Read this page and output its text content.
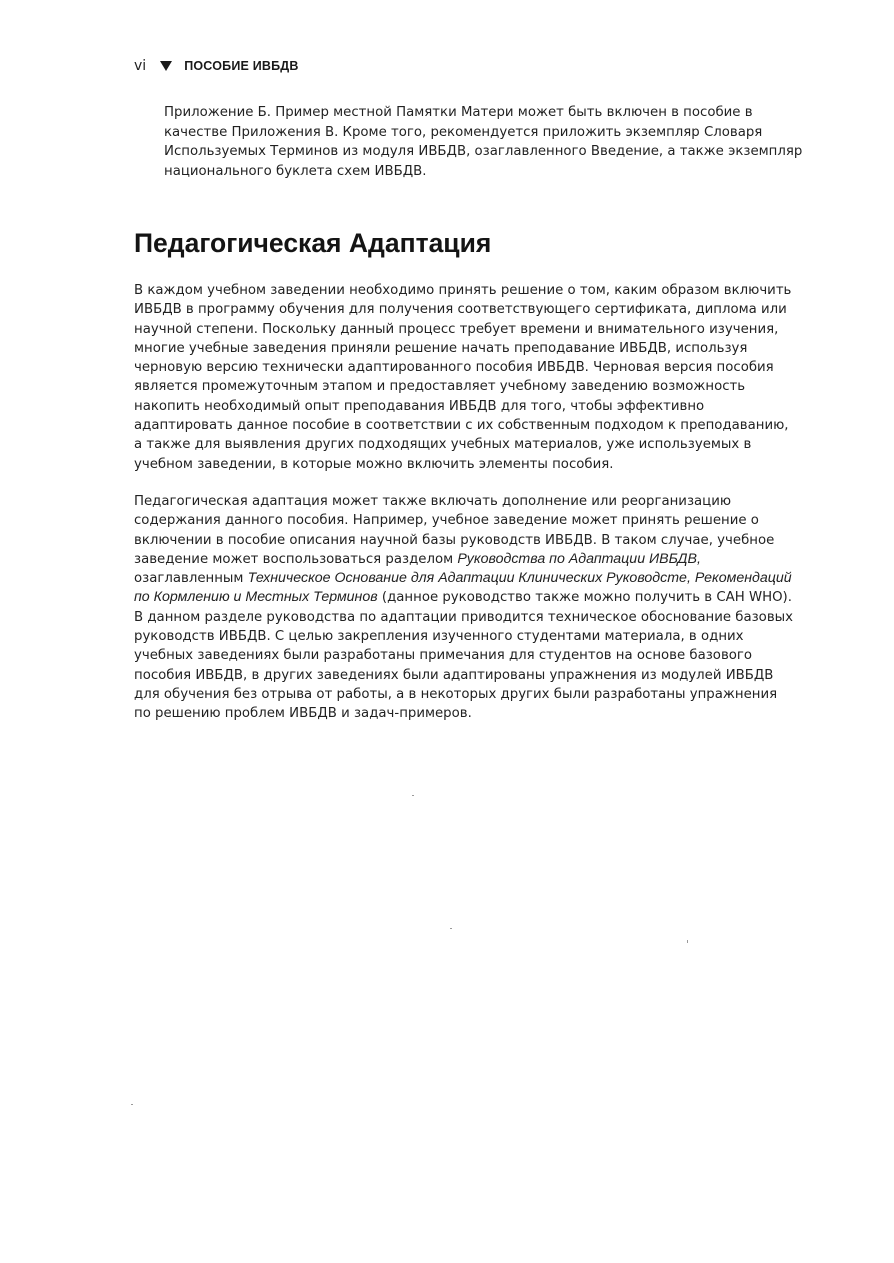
vi	ПОСОБИЕ ИВБДВ

Приложение Б. Пример местной Памятки Матери может быть включен в пособие в качестве Приложения В. Кроме того, рекомендуется приложить экземпляр Словаря Используемых Терминов из модуля ИВБДВ, озаглавленного Введение, а также экземпляр национального буклета схем ИВБДВ.

Педагогическая Адаптация

В каждом учебном заведении необходимо принять решение о том, каким образом включить ИВБДВ в программу обучения для получения соответствующего сертификата, диплома или научной степени. Поскольку данный процесс требует времени и внимательного изучения, многие учебные заведения приняли решение начать преподавание ИВБДВ, используя черновую версию технически адаптированного пособия ИВБДВ. Черновая версия пособия является промежуточным этапом и предоставляет учебному заведению возможность накопить необходимый опыт преподавания ИВБДВ для того, чтобы эффективно адаптировать данное пособие в соответствии с их собственным подходом к преподаванию, а также для выявления других подходящих учебных материалов, уже используемых в учебном заведении, в которые можно включить элементы пособия.

Педагогическая адаптация может также включать дополнение или реорганизацию содержания данного пособия. Например, учебное заведение может принять решение о включении в пособие описания научной базы руководств ИВБДВ. В таком случае, учебное заведение может воспользоваться разделом Руководства по Адаптации ИВБДВ, озаглавленным Техническое Основание для Адаптации Клинических Руководсте, Рекомендаций по Кормлению и Местных Терминов (данное руководство также можно получить в САН WHO). В данном разделе руководства по адаптации приводится техническое обоснование базовых руководств ИВБДВ. С целью закрепления изученного студентами материала, в одних учебных заведениях были разработаны примечания для студентов на основе базового пособия ИВБДВ, в других заведениях были адаптированы упражнения из модулей ИВБДВ для обучения без отрыва от работы, а в некоторых других были разработаны упражнения по решению проблем ИВБДВ и задач-примеров.
